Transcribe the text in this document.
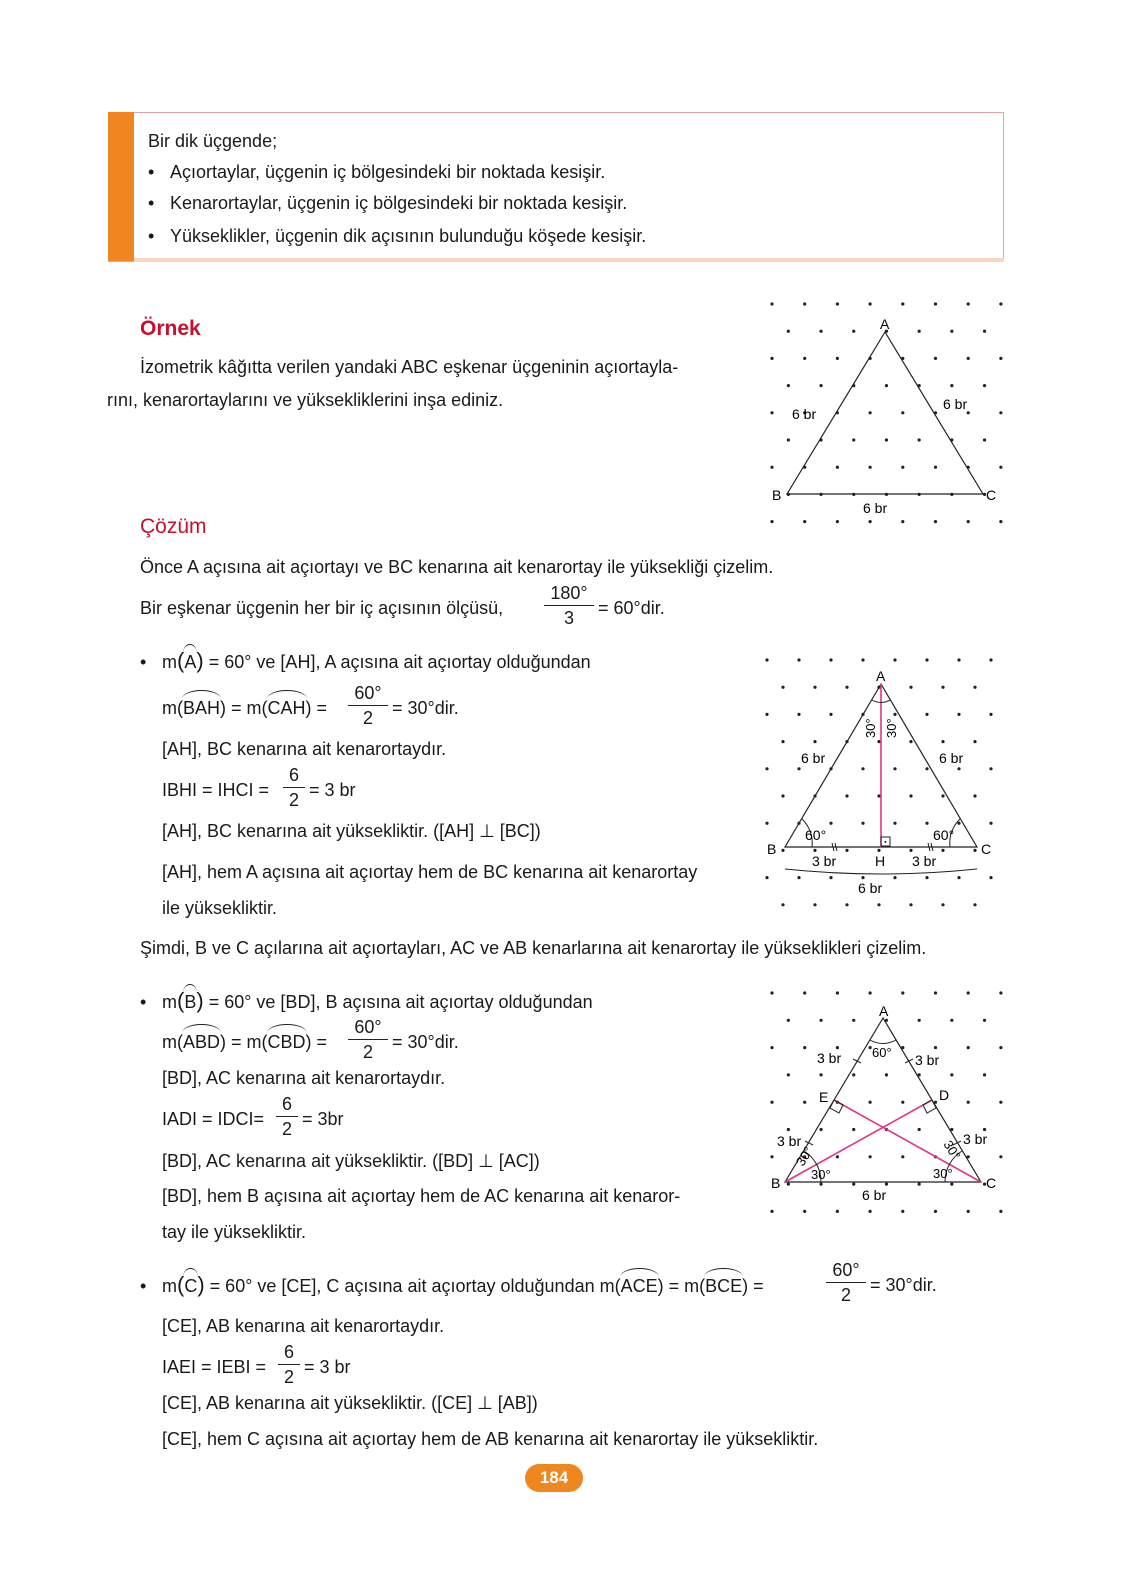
Bir dik üçgende;
• Açıortaylar, üçgenin iç bölgesindeki bir noktada kesişir.
• Kenarortaylar, üçgenin iç bölgesindeki bir noktada kesişir.
• Yükseklikler, üçgenin dik açısının bulunduğu köşede kesişir.
Örnek
İzometrik kâğıtta verilen yandaki ABC eşkenar üçgeninin açıortayla-
rını, kenarortaylarını ve yüksekliklerini inşa ediniz.
A
B	C
6 br
6 br
6 br
Çözüm
Önce A açısına ait açıortayı ve BC kenarına ait kenarortay ile yüksekliği çizelim.
Bir eşkenar üçgenin her bir iç açısının ölçüsü,
180°
3	= 60°dir.
• m(
A) = 60° ve [AH], A açısına ait açıortay olduğundan
m(
BAH) = m(
CAH) =
60°
2	= 30°dir.
[AH], BC kenarına ait kenarortaydır.
IBHI = IHCI =
6
2 = 3 br
[AH], BC kenarına ait yüksekliktir. ([AH] ⊥ [BC])
[AH], hem A açısına ait açıortay hem de BC kenarına ait kenarortay
ile yüksekliktir.
A
B	C
H
6 br	6 br
3 br	3 br
6 br
60°	60°
30° 30°
Şimdi, B ve C açılarına ait açıortayları, AC ve AB kenarlarına ait kenarortay ile yükseklikleri çizelim.
• m(
B) = 60° ve [BD], B açısına ait açıortay olduğundan
m(
ABD) = m(
CBD) =
60°
2	= 30°dir.
[BD], AC kenarına ait kenarortaydır.
IADI = IDCI=
6
2 = 3br
[BD], AC kenarına ait yüksekliktir. ([BD] ⊥ [AC])
[BD], hem B açısına ait açıortay hem de AC kenarına ait kenaror-
tay ile yüksekliktir.
A
B	C
D
E
3 br	3 br
3 br	3 br
6 br
60°
30°
30°
30°
30°
• m(
C) = 60° ve [CE], C açısına ait açıortay olduğundan m(
ACE) = m(
BCE) =
60°
2	= 30°dir.
[CE], AB kenarına ait kenarortaydır.
IAEI = IEBI =
6
2 = 3 br
[CE], AB kenarına ait yüksekliktir. ([CE] ⊥ [AB])
[CE], hem C açısına ait açıortay hem de AB kenarına ait kenarortay ile yüksekliktir.
184
